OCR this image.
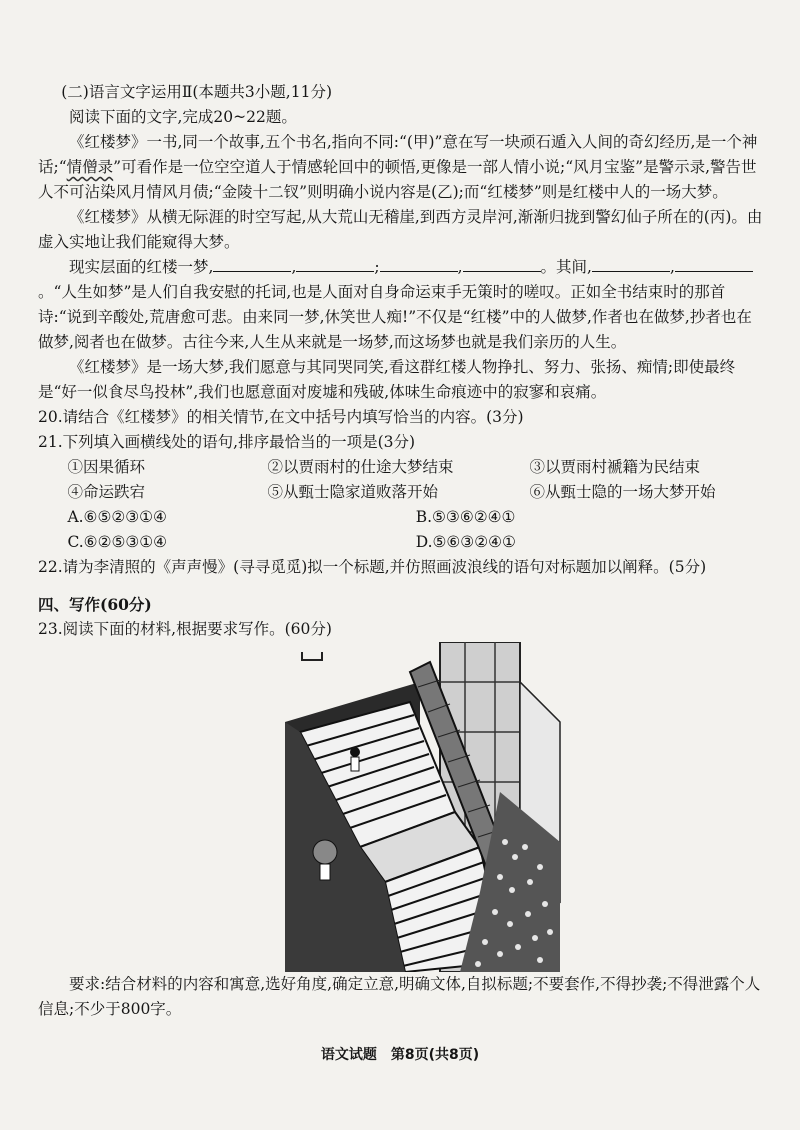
(二)语言文字运用Ⅱ(本题共3小题,11分)

阅读下面的文字,完成20~22题。

《红楼梦》一书,同一个故事,五个书名,指向不同:“(甲)”意在写一块顽石遁入人间的奇幻经历,是一个神话;“情僧录”可看作是一位空空道人于情感轮回中的顿悟,更像是一部人情小说;“风月宝鉴”是警示录,警告世人不可沾染风月情风月债;“金陵十二钗”则明确小说内容是(乙);而“红楼梦”则是红楼中人的一场大梦。

《红楼梦》从横无际涯的时空写起,从大荒山无稽崖,到西方灵岸河,渐渐归拢到警幻仙子所在的(丙)。由虚入实地让我们能窥得大梦。

现实层面的红楼一梦,	,	;	,	。其间,	,。“人生如梦”是人们自我安慰的托词,也是人面对自身命运束手无策时的嗟叹。正如全书结束时的那首诗:“说到辛酸处,荒唐愈可悲。由来同一梦,休笑世人痴!”不仅是“红楼”中的人做梦,作者也在做梦,抄者也在做梦,阅者也在做梦。古往今来,人生从来就是一场梦,而这场梦也就是我们亲历的人生。

《红楼梦》是一场大梦,我们愿意与其同哭同笑,看这群红楼人物挣扎、努力、张扬、痴情;即使最终是“好一似食尽鸟投林”,我们也愿意面对废墟和残破,体味生命痕迹中的寂寥和哀痛。

20.请结合《红楼梦》的相关情节,在文中括号内填写恰当的内容。(3分)

21.下列填入画横线处的语句,排序最恰当的一项是(3分)

①因果循环	②以贾雨村的仕途大梦结束	③以贾雨村褫籍为民结束
④命运跌宕	⑤从甄士隐家道败落开始	⑥从甄士隐的一场大梦开始
A.⑥⑤②③①④	B.⑤③⑥②④①
C.⑥②⑤③①④	D.⑤⑥③②④①

22.请为李清照的《声声慢》(寻寻觅觅)拟一个标题,并仿照画波浪线的语句对标题加以阐释。(5分)

四、写作(60分)

23.阅读下面的材料,根据要求写作。(60分)

要求:结合材料的内容和寓意,选好角度,确定立意,明确文体,自拟标题;不要套作,不得抄袭;不得泄露个人信息;不少于800字。

语文试题　第8页(共8页)
